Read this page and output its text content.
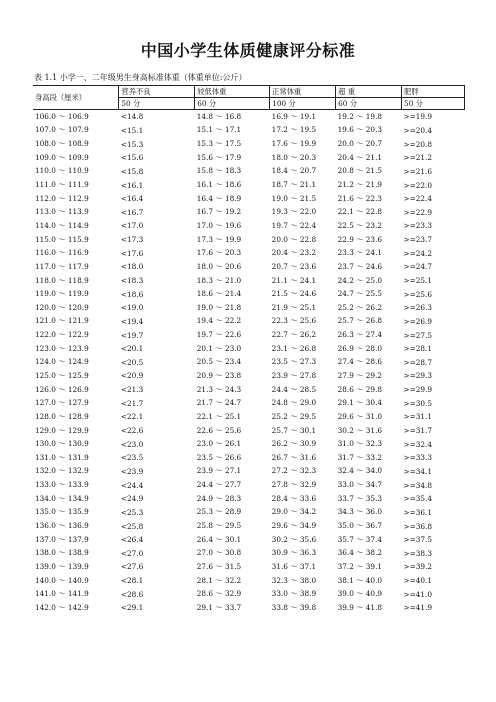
中国小学生体质健康评分标准
表 1.1 小学一、二年级男生身高标准体重（体重单位:公斤）
身高段（厘米）	营养不良	较低体重	正常体重	超 重	肥胖
	50 分	60 分	100 分	60 分	50 分
106.0 ～ 106.9	<14.8	14.8 ～ 16.8	16.9 ～ 19.1	19.2 ～ 19.8	>=19.9
107.0 ～ 107.9	<15.1	15.1 ～ 17.1	17.2 ～ 19.5	19.6 ～ 20.3	>=20.4
108.0 ～ 108.9	<15.3	15.3 ～ 17.5	17.6 ～ 19.9	20.0 ～ 20.7	>=20.8
109.0 ～ 109.9	<15.6	15.6 ～ 17.9	18.0 ～ 20.3	20.4 ～ 21.1	>=21.2
110.0 ～ 110.9	<15.8	15.8 ～ 18.3	18.4 ～ 20.7	20.8 ～ 21.5	>=21.6
111.0 ～ 111.9	<16.1	16.1 ～ 18.6	18.7 ～ 21.1	21.2 ～ 21.9	>=22.0
112.0 ～ 112.9	<16.4	16.4 ～ 18.9	19.0 ～ 21.5	21.6 ～ 22.3	>=22.4
113.0 ～ 113.9	<16.7	16.7 ～ 19.2	19.3 ～ 22.0	22.1 ～ 22.8	>=22.9
114.0 ～ 114.9	<17.0	17.0 ～ 19.6	19.7 ～ 22.4	22.5 ～ 23.2	>=23.3
115.0 ～ 115.9	<17.3	17.3 ～ 19.9	20.0 ～ 22.8	22.9 ～ 23.6	>=23.7
116.0 ～ 116.9	<17.6	17.6 ～ 20.3	20.4 ～ 23.2	23.3 ～ 24.1	>=24.2
117.0 ～ 117.9	<18.0	18.0 ～ 20.6	20.7 ～ 23.6	23.7 ～ 24.6	>=24.7
118.0 ～ 118.9	<18.3	18.3 ～ 21.0	21.1 ～ 24.1	24.2 ～ 25.0	>=25.1
119.0 ～ 119.9	<18.6	18.6 ～ 21.4	21.5 ～ 24.6	24.7 ～ 25.5	>=25.6
120.0 ～ 120.9	<19.0	19.0 ～ 21.8	21.9 ～ 25.1	25.2 ～ 26.2	>=26.3
121.0 ～ 121.9	<19.4	19.4 ～ 22.2	22.3 ～ 25.6	25.7 ～ 26.8	>=26.9
122.0 ～ 122.9	<19.7	19.7 ～ 22.6	22.7 ～ 26.2	26.3 ～ 27.4	>=27.5
123.0 ～ 123.9	<20.1	20.1 ～ 23.0	23.1 ～ 26.8	26.9 ～ 28.0	>=28.1
124.0 ～ 124.9	<20.5	20.5 ～ 23.4	23.5 ～ 27.3	27.4 ～ 28.6	>=28.7
125.0 ～ 125.9	<20.9	20.9 ～ 23.8	23.9 ～ 27.8	27.9 ～ 29.2	>=29.3
126.0 ～ 126.9	<21.3	21.3 ～ 24.3	24.4 ～ 28.5	28.6 ～ 29.8	>=29.9
127.0 ～ 127.9	<21.7	21.7 ～ 24.7	24.8 ～ 29.0	29.1 ～ 30.4	>=30.5
128.0 ～ 128.9	<22.1	22.1 ～ 25.1	25.2 ～ 29.5	29.6 ～ 31.0	>=31.1
129.0 ～ 129.9	<22.6	22.6 ～ 25.6	25.7 ～ 30.1	30.2 ～ 31.6	>=31.7
130.0 ～ 130.9	<23.0	23.0 ～ 26.1	26.2 ～ 30.9	31.0 ～ 32.3	>=32.4
131.0 ～ 131.9	<23.5	23.5 ～ 26.6	26.7 ～ 31.6	31.7 ～ 33.2	>=33.3
132.0 ～ 132.9	<23.9	23.9 ～ 27.1	27.2 ～ 32.3	32.4 ～ 34.0	>=34.1
133.0 ～ 133.9	<24.4	24.4 ～ 27.7	27.8 ～ 32.9	33.0 ～ 34.7	>=34.8
134.0 ～ 134.9	<24.9	24.9 ～ 28.3	28.4 ～ 33.6	33.7 ～ 35.3	>=35.4
135.0 ～ 135.9	<25.3	25.3 ～ 28.9	29.0 ～ 34.2	34.3 ～ 36.0	>=36.1
136.0 ～ 136.9	<25.8	25.8 ～ 29.5	29.6 ～ 34.9	35.0 ～ 36.7	>=36.8
137.0 ～ 137.9	<26.4	26.4 ～ 30.1	30.2 ～ 35.6	35.7 ～ 37.4	>=37.5
138.0 ～ 138.9	<27.0	27.0 ～ 30.8	30.9 ～ 36.3	36.4 ～ 38.2	>=38.3
139.0 ～ 139.9	<27.6	27.6 ～ 31.5	31.6 ～ 37.1	37.2 ～ 39.1	>=39.2
140.0 ～ 140.9	<28.1	28.1 ～ 32.2	32.3 ～ 38.0	38.1 ～ 40.0	>=40.1
141.0 ～ 141.9	<28.6	28.6 ～ 32.9	33.0 ～ 38.9	39.0 ～ 40.9	>=41.0
142.0 ～ 142.9	<29.1	29.1 ～ 33.7	33.8 ～ 39.8	39.9 ～ 41.8	>=41.9
